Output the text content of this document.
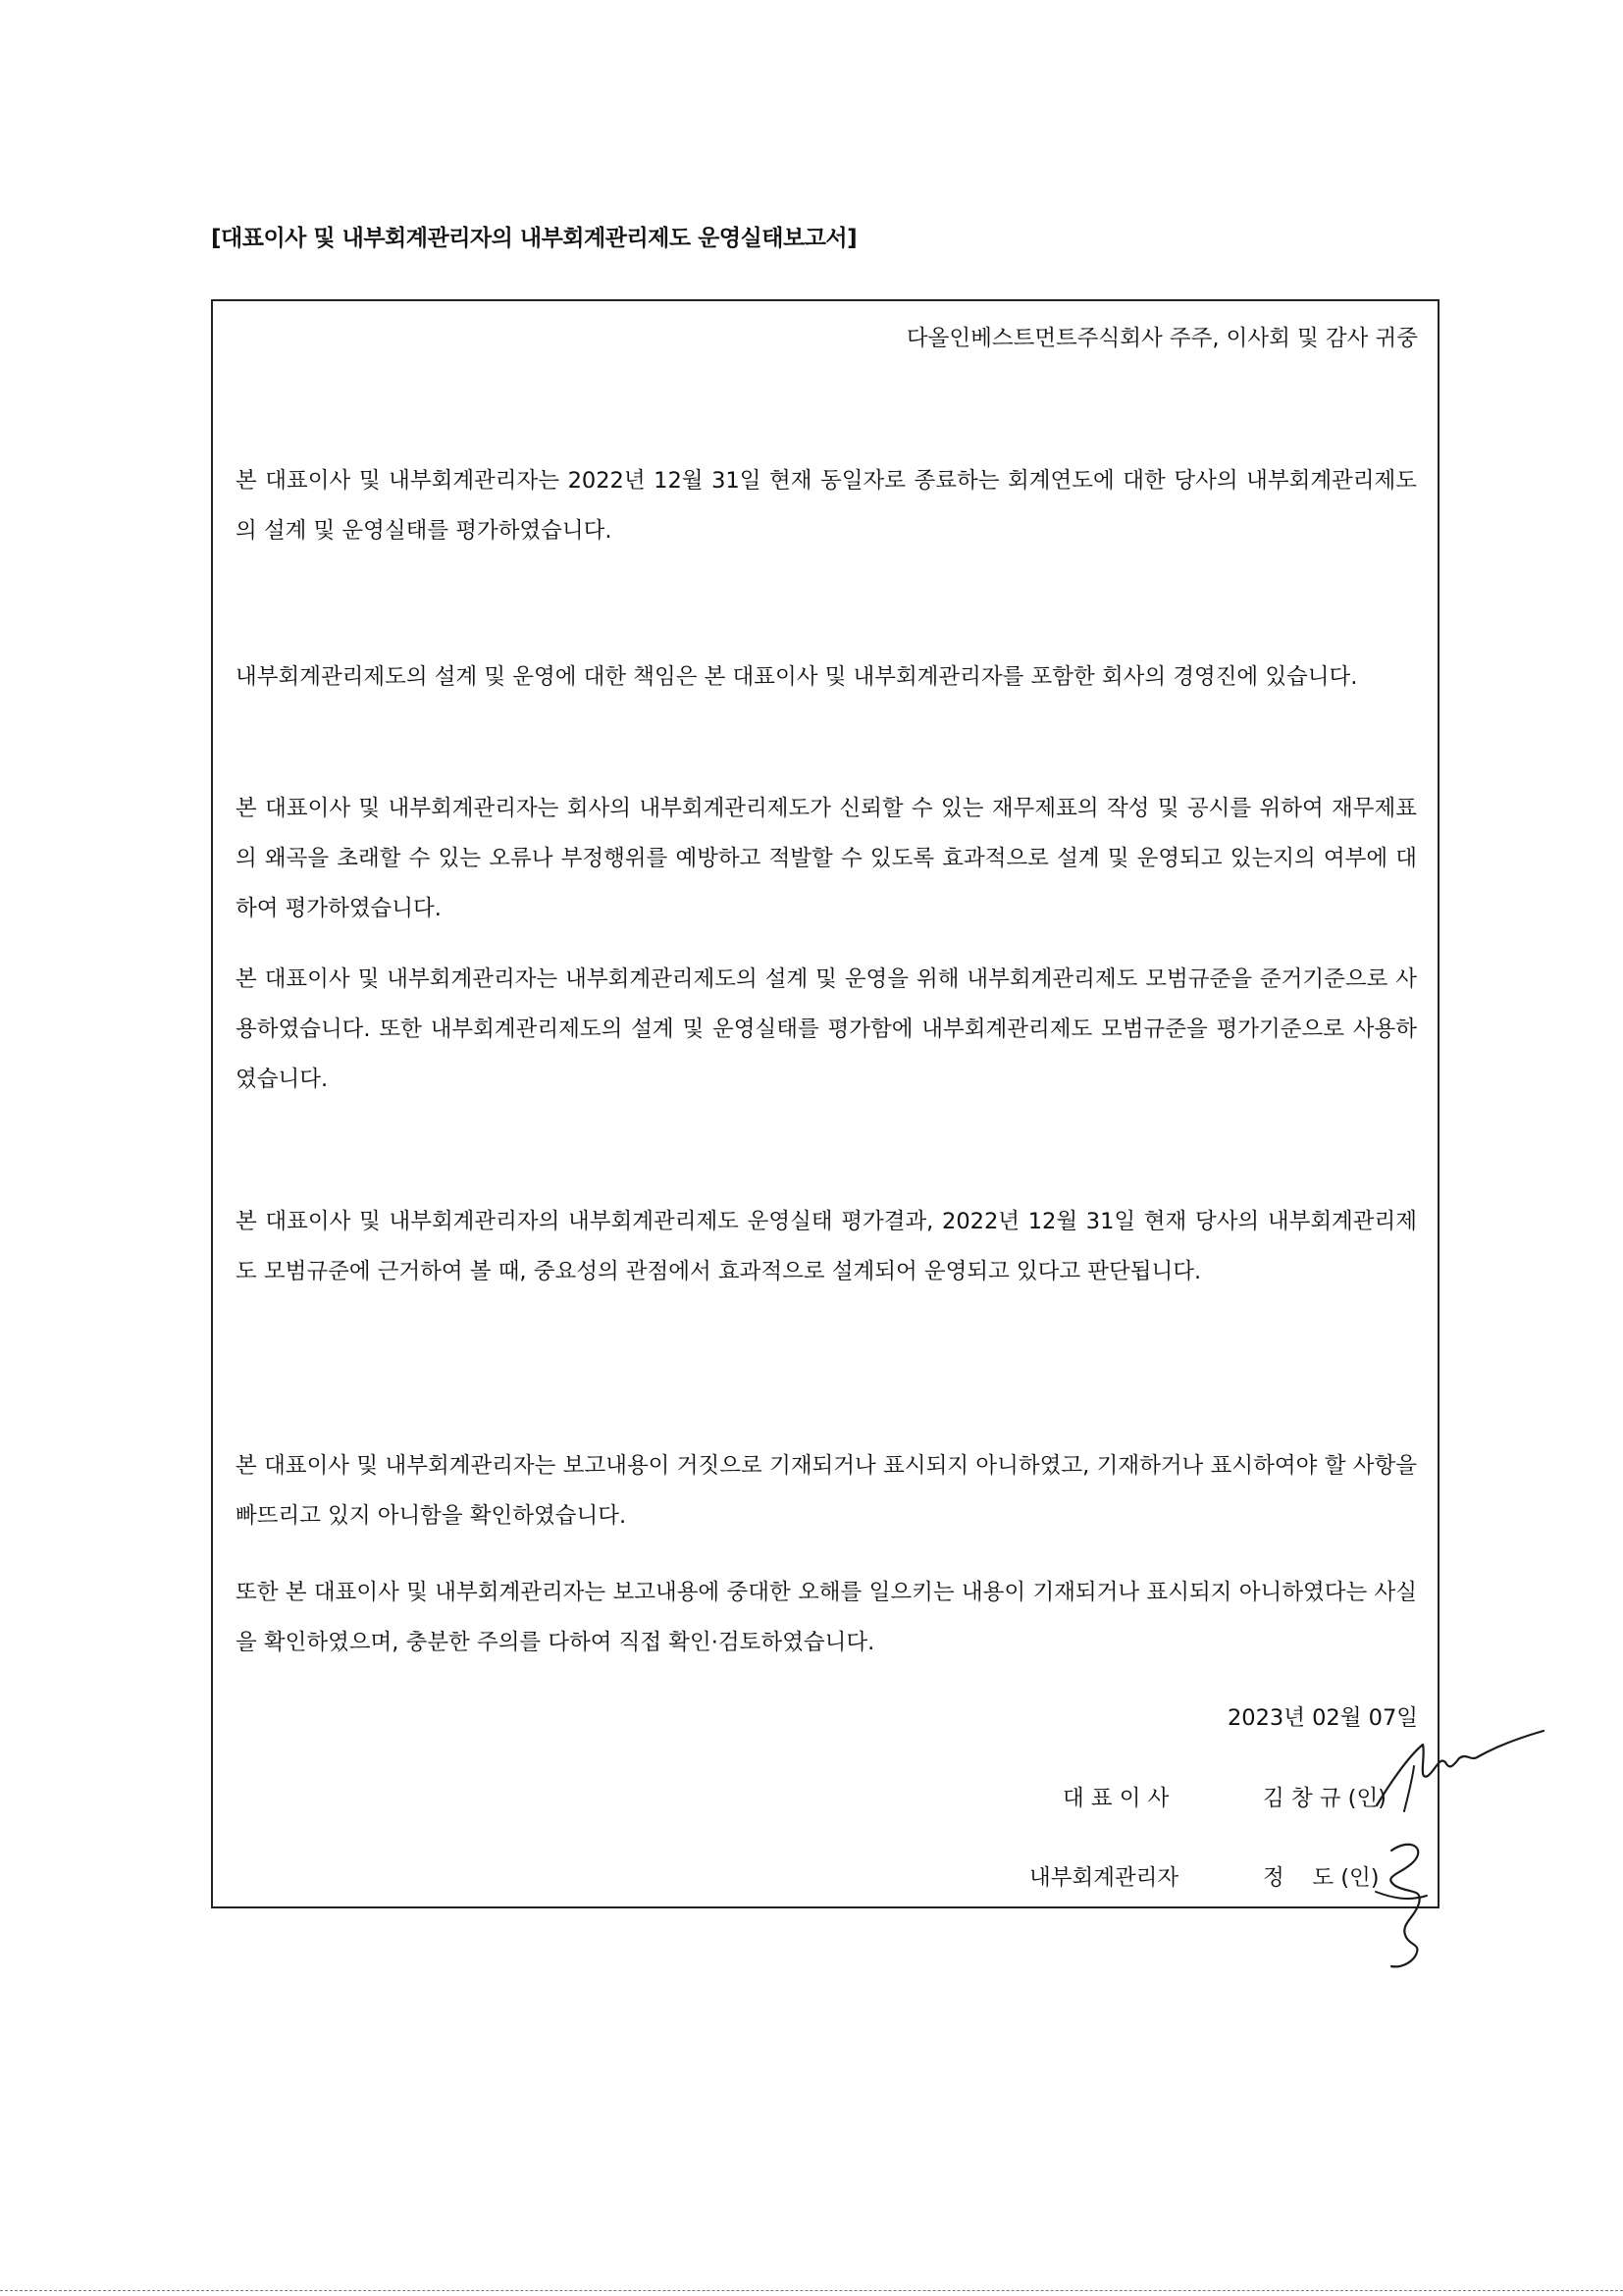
[대표이사 및 내부회계관리자의 내부회계관리제도 운영실태보고서]
다올인베스트먼트주식회사 주주, 이사회 및 감사 귀중

본 대표이사 및 내부회계관리자는 2022년 12월 31일 현재 동일자로 종료하는 회계연도에 대한 당사의 내부회계관리제도의 설계 및 운영실태를 평가하였습니다.

내부회계관리제도의 설계 및 운영에 대한 책임은 본 대표이사 및 내부회계관리자를 포함한 회사의 경영진에 있습니다.

본 대표이사 및 내부회계관리자는 회사의 내부회계관리제도가 신뢰할 수 있는 재무제표의 작성 및 공시를 위하여 재무제표의 왜곡을 초래할 수 있는 오류나 부정행위를 예방하고 적발할 수 있도록 효과적으로 설계 및 운영되고 있는지의 여부에 대하여 평가하였습니다.

본 대표이사 및 내부회계관리자는 내부회계관리제도의 설계 및 운영을 위해 내부회계관리제도 모범규준을 준거기준으로 사용하였습니다. 또한 내부회계관리제도의 설계 및 운영실태를 평가함에 내부회계관리제도 모범규준을 평가기준으로 사용하였습니다.

본 대표이사 및 내부회계관리자의 내부회계관리제도 운영실태 평가결과, 2022년 12월 31일 현재 당사의 내부회계관리제도 모범규준에 근거하여 볼 때, 중요성의 관점에서 효과적으로 설계되어 운영되고 있다고 판단됩니다.

본 대표이사 및 내부회계관리자는 보고내용이 거짓으로 기재되거나 표시되지 아니하였고, 기재하거나 표시하여야 할 사항을 빠뜨리고 있지 아니함을 확인하였습니다.

또한 본 대표이사 및 내부회계관리자는 보고내용에 중대한 오해를 일으키는 내용이 기재되거나 표시되지 아니하였다는 사실을 확인하였으며, 충분한 주의를 다하여 직접 확인·검토하였습니다.

2023년 02월 07일
대 표 이 사	김 창 규 (인)
내부회계관리자	정    도 (인)
